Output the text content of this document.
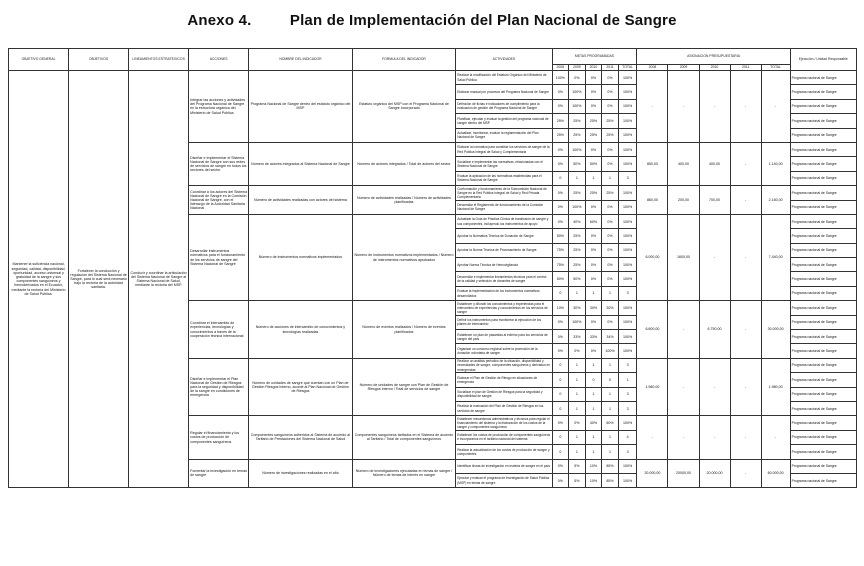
Anexo 4.	Plan de Implementación del Plan Nacional de Sangre
OBJETIVO GENERAL	OBJETIVOS	LINEAMIENTOS ESTRATEGICOS	ACCIONES	NOMBRE DEL INDICADOR	FORMULA DEL INDICADOR	ACTIVIDADES	METAS PROGRAMADAS					ASIGNACION PRESUPUESTARIA					Ejecución / Unidad Responsable
							2008	2009	2010	2011	TOTAL	2008	2009	2010	2011	TOTAL	
Mantener la suficiencia nacional, seguridad, calidad, disponibilidad, oportunidad, acceso universal y gratuidad de la sangre y sus componentes sanguíneos y hemoderivados en el Ecuador, mediante la rectoría del Ministerio de Salud Pública.	Fortalecer la conducción y regulación del Sistema Nacional de Sangre, para lo cual será necesario bajo la rectoría de la autoridad sanitaria.	Conducir y coordinar la articulación del Sistema Nacional de Sangre al Sistema Nacional de Salud, mediante la rectoría del MSP.	Integrar las acciones y actividades del Programa Nacional de Sangre en la estructura orgánica del Ministerio de Salud Pública.	Programa Nacional de Sangre dentro del estatuto orgánico del MSP	Estatuto orgánico del MSP con el Programa Nacional de Sangre incorporado	Realizar la modificación del Estatuto Orgánico del Ministerio de Salud Pública	100%	0%	0%	0%	100%	-	-	-	-	-	Programa nacional de Sangre
						Elaborar manual por procesos del Programa Nacional de Sangre	0%	100%	0%	0%	100%						Programa nacional de Sangre
						Definición de fichas e indicadores de cumplimiento para la evaluación de gestión del Programa Nacional de Sangre	0%	100%	0%	0%	100%						Programa nacional de Sangre
						Planificar, ejecutar y evaluar la gestión del programa nacional de sangre dentro del MSP	25%	25%	25%	25%	100%						Programa nacional de Sangre
						Actualizar, monitorear, evaluar la reglamentación del Plan Nacional de Sangre	25%	25%	25%	25%	100%						Programa nacional de Sangre
			Diseñar e Implementar el Sistema Nacional de Sangre con sus redes de servicios de sangre en todos los sectores del sector	Número de actores integrados al Sistema Nacional de Sangre	Número de actores integrados / Total de actores del sector	Elaborar la normativa para constituir los servicios de sangre de la Red Pública Integral de Salud y Complementaria	0%	100%	0%	0%	100%	850,00	400,00	400,00	-	1.140,00	Programa nacional de Sangre
						Socializar e implementar las normativas, relacionadas con el Sistema Nacional de Sangre	0%	50%	50%	0%	100%						Programa nacional de Sangre
						Evaluar la aplicación de las normativas establecidas para el Sistema Nacional de Sangre	0	1	1	1	3						Programa nacional de Sangre
			Coordinar a los actores del Sistema Nacional de Sangre en la Comisión Nacional de Sangre, con el liderazgo de la Autoridad Sanitaria Nacional	Número de actividades realizadas con actores del sistema	Número de actividades realizadas / Número de actividades planificadas	Conformación y funcionamiento de la Subcomisión Nacional de Sangre en la Red Pública Integral de Salud y Red Privada Complementaria	0%	25%	25%	25%	100%	860,00	200,00	700,00	-	2.160,00	Programa nacional de Sangre
						Desarrollar el Reglamento de funcionamiento de la Comisión Nacional de Sangre	0%	100%	0%	0%	100%						Programa nacional de Sangre
			Desarrollar instrumentos normativos para el funcionamiento de los servicios de sangre del Sistema Nacional de Sangre	Número de instrumentos normativos implementados	Número de instrumentos normativos implementados / Número de instrumentos normativos aprobados	Actualizar la Guía de Práctica Clínica de transfusión de sangre y sus componentes, incluyendo los instrumentos de apoyo	0%	40%	60%	0%	100%	6.000,00	1600,00	-	-	7.440,00	Programa nacional de Sangre
						Aprobar la Normativa Técnica de Donación de Sangre	50%	25%	0%	0%	100%						Programa nacional de Sangre
						Aprobar la Norma Técnica de Procesamiento de Sangre	75%	25%	0%	0%	100%						Programa nacional de Sangre
						Aprobar Norma Técnica de Hemovigilancia	75%	25%	0%	0%	100%						Programa nacional de Sangre
						Desarrollar e implementar lineamientos técnicos para el control de la calidad y selección de donantes de sangre	50%	50%	0%	0%	100%						Programa nacional de Sangre
						Evaluar la implementación de los instrumentos normativos desarrollados	0	1	1	1	3						Programa nacional de Sangre
			Coordinar el intercambio de experiencias, tecnologías y conocimientos a través de la cooperación técnica internacional	Número de acciones de intercambio de conocimientos y tecnologías realizadas	Número de eventos realizados / Número de eventos planificados	Establecer y difundir los conocimientos y experiencias para el intercambio de experiencias y conocimientos en los servicios de sangre	10%	30%	30%	30%	100%	6.600,00	-	6.750,00	-	30.000,00	Programa nacional de Sangre
						Definir los instrumentos para monitorear la ejecución de los planes de intercambio	0%	100%	0%	0%	100%						Programa nacional de Sangre
						Establecer un plan de pasantías al exterior para los servicios de sangre del país	0%	33%	33%	34%	100%						Programa nacional de Sangre
						Organizar un concurso regional sobre la promoción de la donación voluntaria de sangre	0%	0%	0%	100%	100%						Programa nacional de Sangre
			Diseñar e implementar el Plan Nacional de Gestión de Riesgos para la seguridad y disponibilidad de la sangre en condiciones de emergencia	Número de unidades de sangre que cuentan con un Plan de Gestión Riesgos Interno, acorde al Plan Nacional de Gestión de Riesgos	Número de unidades de sangre con Plan de Gestión de Riesgos Interno / Total de servicios de sangre	Realizar un análisis periódico de la situación, disponibilidad y necesidades de sangre, componentes sanguíneos y derivados en emergencias	0	1	1	1	3	1.980,00	-	-	-	1.980,00	Programa nacional de Sangre
						Elaborar el Plan de Gestión de Riesgo en situaciones de emergencia	0	1	0	0	1						Programa nacional de Sangre
						Socializar el plan de Gestión de Riesgos para la seguridad y disponibilidad de sangre	0	1	1	1	3						Programa nacional de Sangre
						Realizar la evaluación del Plan de Gestión de Riesgos en los servicios de sangre	0	1	1	1	3						Programa nacional de Sangre
			Regular el financiamiento y los costos de producción de componentes sanguíneos	Componentes sanguíneos adheridos al Sistema de acuerdo al Tarifario de Prestaciones del Sistema Nacional de Salud	Componentes sanguíneos tarifados en el Sistema de acuerdo al Tarifario / Total de componentes sanguíneos	Establecer mecanismos administrativos y técnicos para regular el financiamiento del sistema y la elaboración de los costos de la sangre y componentes sanguíneos	0%	0%	40%	60%	100%	-	-	-	-	-	Programa nacional de Sangre
						Establecer los costos de producción de componentes sanguíneos e incorporarlos en el tarifario nacional del sistema	0	1	1	1	4						Programa nacional de Sangre
						Realizar la actualización de los costos de producción de sangre y componentes	0	1	1	1	3						Programa nacional de Sangre
			Fomentar la investigación en temas de sangre	Número de investigaciones realizadas en el año	Número de investigaciones ejecutadas en temas de sangre / Número de temas de interés en sangre	Identificar líneas de investigación en materia de sangre en el país	0%	5%	10%	85%	100%	20.000,00	20000,00	20.000,00	-	60.000,00	Programa nacional de Sangre
						Ejecutar y evaluar el programa de investigación de Salud Pública (MSP) en temas de sangre	0%	5%	10%	85%	100%						Programa nacional de Sangre
